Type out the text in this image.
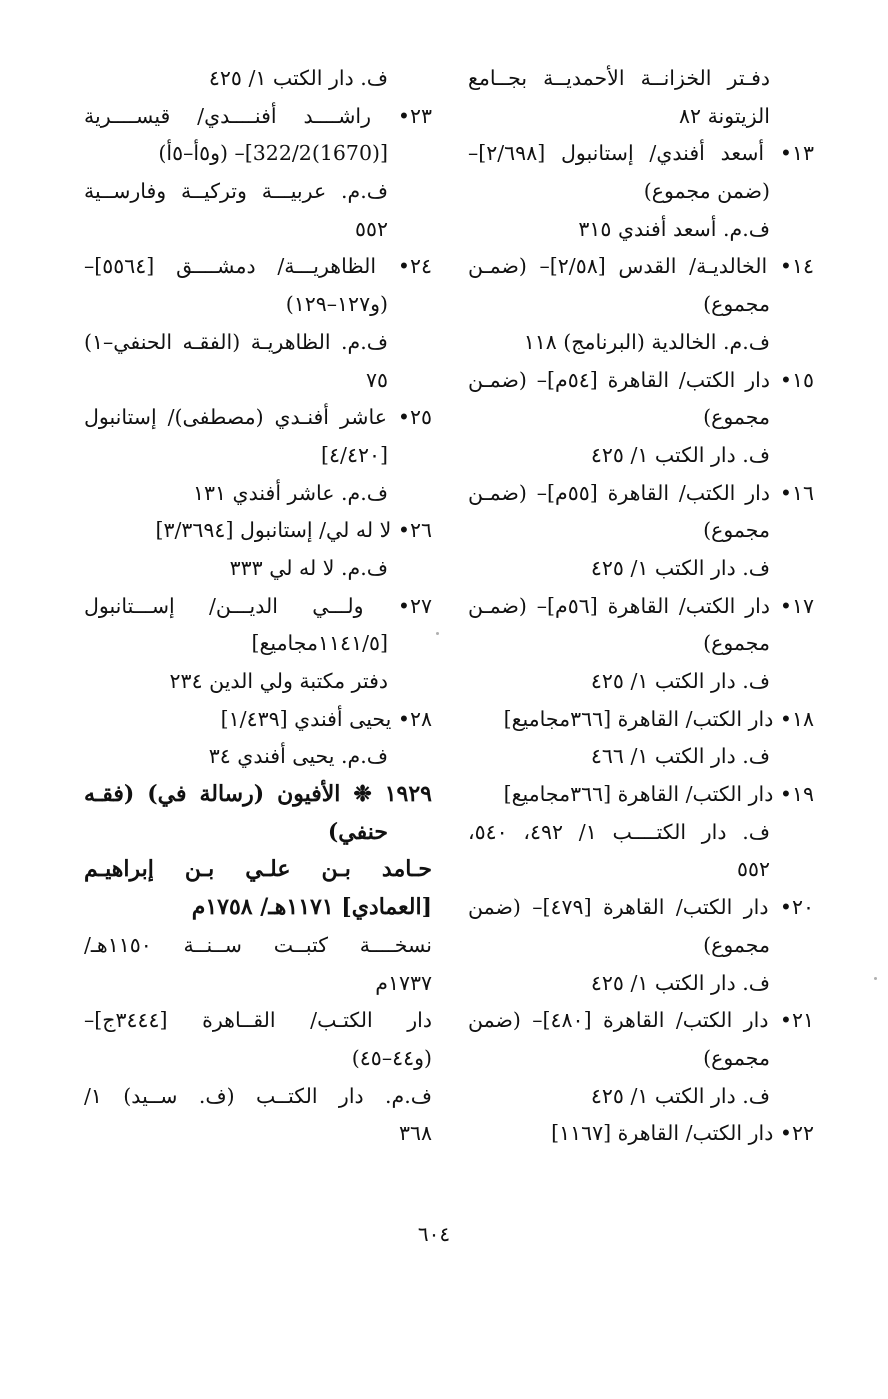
دفـتر الخزانــة الأحمديــة بجــامع
الزيتونة ٨٢
١٣• أسعد أفندي/ إستانبول [٢/٦٩٨]–
(ضمن مجموع)
ف.م. أسعد أفندي ٣١٥
١٤• الخالديـة/ القدس [٢/٥٨]– (ضمـن
مجموع)
ف.م. الخالدية (البرنامج) ١١٨
١٥• دار الكتب/ القاهرة [٥٤م]– (ضمـن
مجموع)
ف. دار الكتب ١/ ٤٢٥
١٦• دار الكتب/ القاهرة [٥٥م]– (ضمـن
مجموع)
ف. دار الكتب ١/ ٤٢٥
١٧• دار الكتب/ القاهرة [٥٦م]– (ضمـن
مجموع)
ف. دار الكتب ١/ ٤٢٥
١٨• دار الكتب/ القاهرة [٣٦٦مجاميع]
ف. دار الكتب ١/ ٤٦٦
١٩• دار الكتب/ القاهرة [٣٦٦مجاميع]
ف. دار الكتــــب ١/ ٤٩٢، ٥٤٠،
٥٥٢
٢٠• دار الكتب/ القاهرة [٤٧٩]– (ضمن
مجموع)
ف. دار الكتب ١/ ٤٢٥
٢١• دار الكتب/ القاهرة [٤٨٠]– (ضمن
مجموع)
ف. دار الكتب ١/ ٤٢٥
٢٢• دار الكتب/ القاهرة [١١٦٧]
ف. دار الكتب ١/ ٤٢٥
٢٣• راشــــد أفنــــدي/ قيســــرية
[(1670)322/2]– (و٥أ–٥أ)
ف.م. عربيـــة وتركيــة وفارســية
٥٥٢
٢٤• الظاهريـــة/ دمشــــق [٥٥٦٤]–
(و١٢٧–١٢٩)
ف.م. الظاهريـة (الفقـه الحنفي–١)
٧٥
٢٥• عاشر أفنـدي (مصطفى)/ إستانبول
[٤/٤٢٠]
ف.م. عاشر أفندي ١٣١
٢٦• لا له لي/ إستانبول [٣/٣٦٩٤]
ف.م. لا له لي ٣٣٣
٢٧• ولـــي الديـــن/ إســـتانبول
[١١٤١/٥مجاميع]
دفتر مكتبة ولي الدين ٢٣٤
٢٨• يحيى أفندي [١/٤٣٩]
ف.م. يحيى أفندي ٣٤
١٩٢٩ ❉ الأفيون (رسالة في) (فقـه
حنفي)
حـامد بـن علـي بـن إبراهيـم
[العمادي] ١١٧١هـ/ ١٧٥٨م
نسخــــة كتبــت ســنــة ١١٥٠هـ/
١٧٣٧م
دار الكتـب/ القــاهرة [٣٤٤٤ج]–
(و٤٤–٤٥)
ف.م. دار الكتــب (ف. ســيد) ١/
٣٦٨
٦٠٤
